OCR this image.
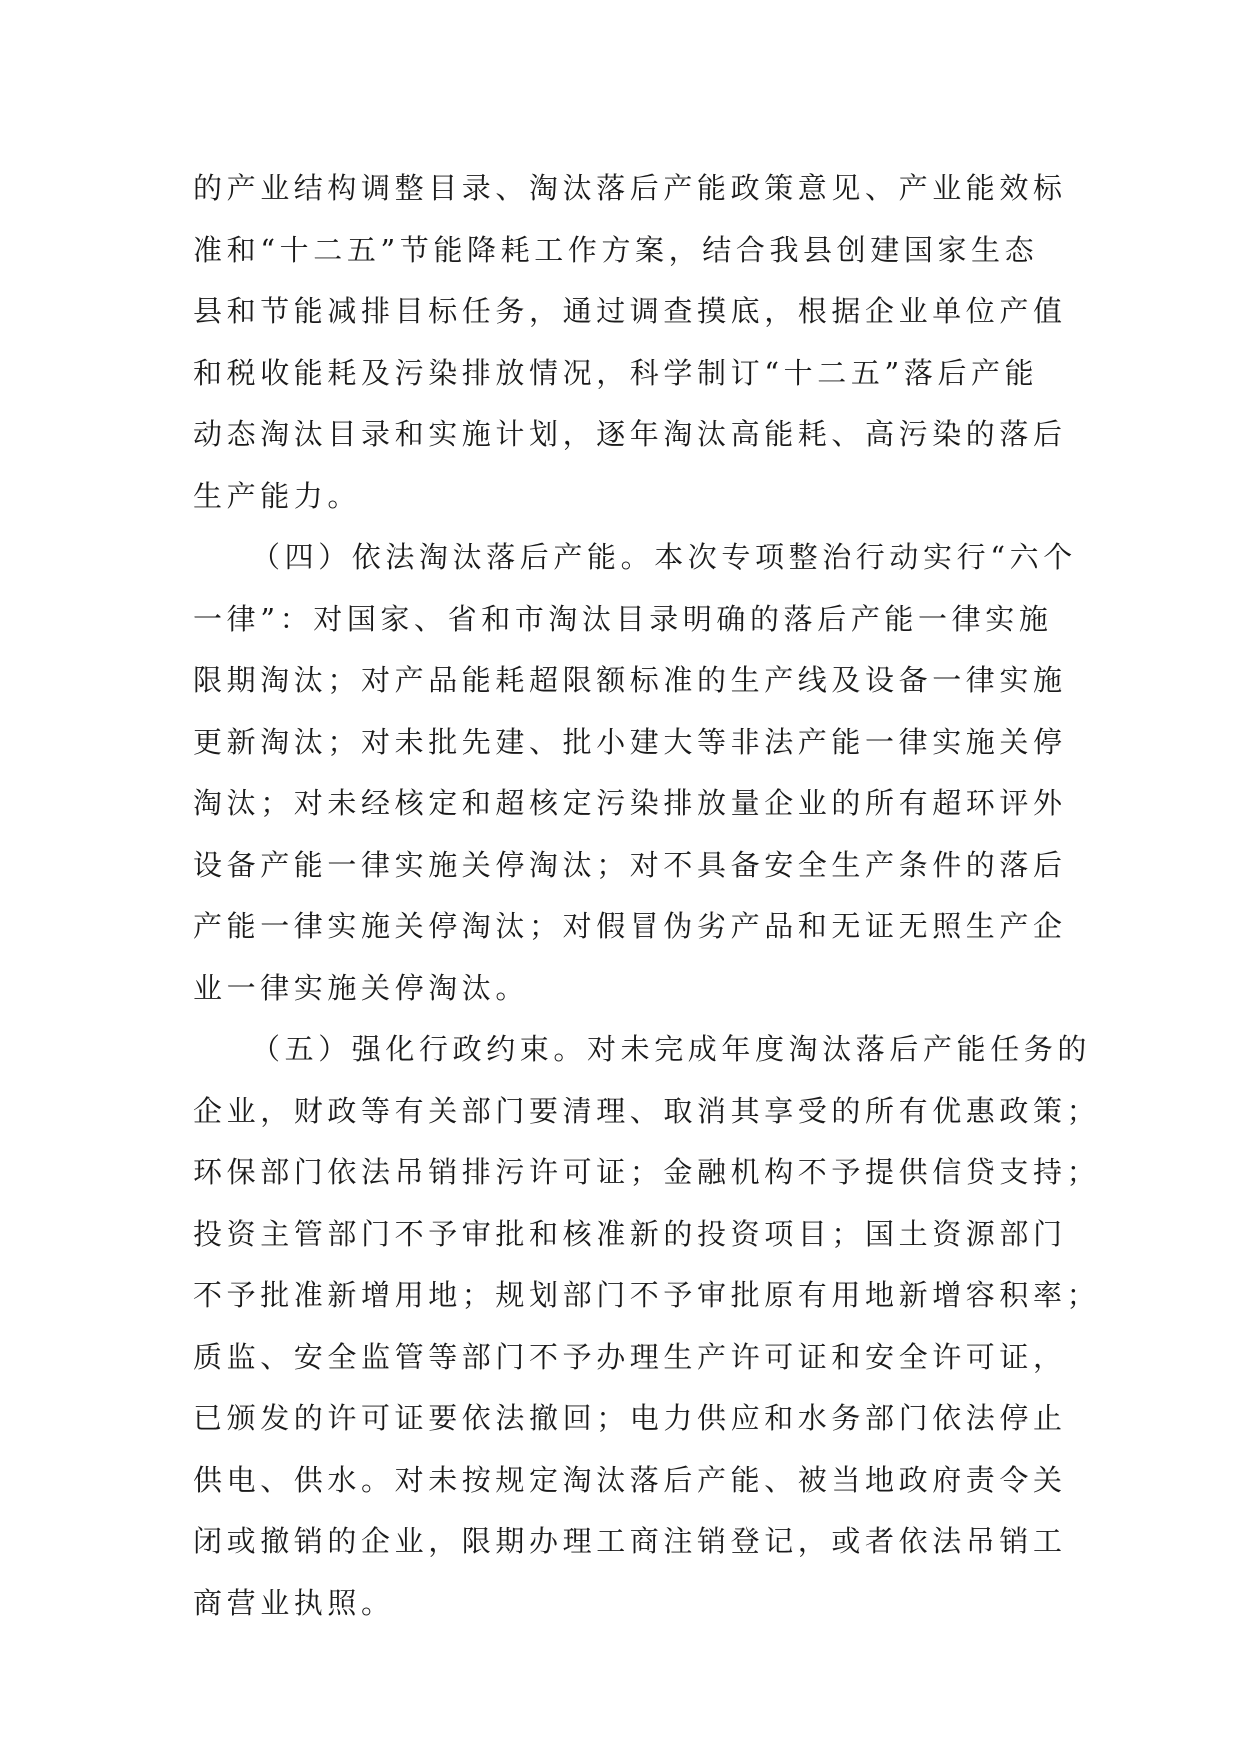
的产业结构调整目录、淘汰落后产能政策意见、产业能效标
准和“十二五”节能降耗工作方案，结合我县创建国家生态
县和节能减排目标任务，通过调查摸底，根据企业单位产值
和税收能耗及污染排放情况，科学制订“十二五”落后产能
动态淘汰目录和实施计划，逐年淘汰高能耗、高污染的落后
生产能力。
（四）依法淘汰落后产能。本次专项整治行动实行“六个
一律”：对国家、省和市淘汰目录明确的落后产能一律实施
限期淘汰；对产品能耗超限额标准的生产线及设备一律实施
更新淘汰；对未批先建、批小建大等非法产能一律实施关停
淘汰；对未经核定和超核定污染排放量企业的所有超环评外
设备产能一律实施关停淘汰；对不具备安全生产条件的落后
产能一律实施关停淘汰；对假冒伪劣产品和无证无照生产企
业一律实施关停淘汰。
（五）强化行政约束。对未完成年度淘汰落后产能任务的
企业，财政等有关部门要清理、取消其享受的所有优惠政策；
环保部门依法吊销排污许可证；金融机构不予提供信贷支持；
投资主管部门不予审批和核准新的投资项目；国土资源部门
不予批准新增用地；规划部门不予审批原有用地新增容积率；
质监、安全监管等部门不予办理生产许可证和安全许可证，
已颁发的许可证要依法撤回；电力供应和水务部门依法停止
供电、供水。对未按规定淘汰落后产能、被当地政府责令关
闭或撤销的企业，限期办理工商注销登记，或者依法吊销工
商营业执照。
